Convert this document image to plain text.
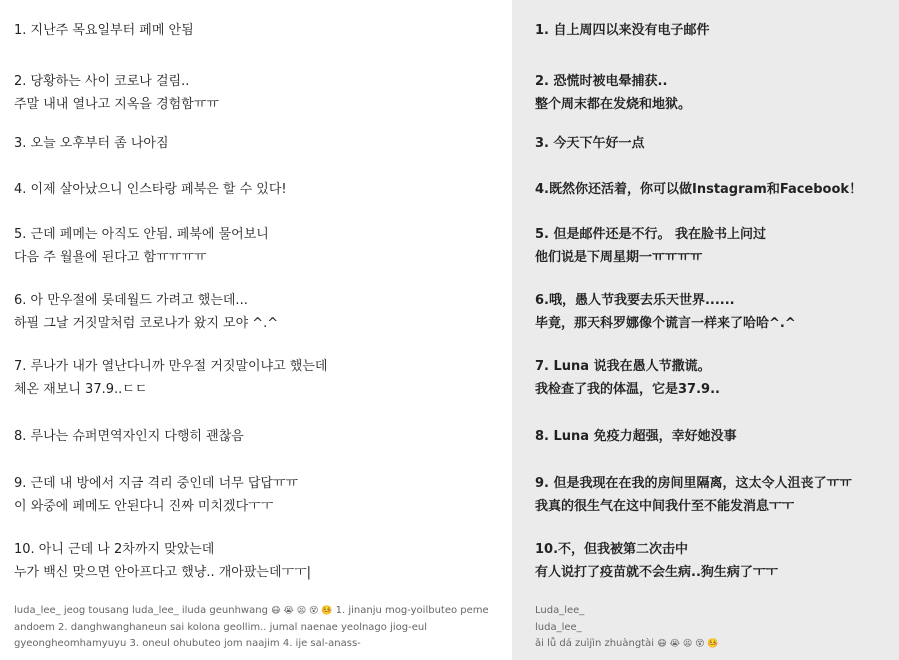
1. 지난주 목요일부터 페메 안됨
2. 당황하는 사이 코로나 걸림..
주말 내내 열나고 지옥을 경험함ㅠㅠ
3. 오늘 오후부터 좀 나아짐
4. 이제 살아났으니 인스타랑 페북은 할 수 있다!
5. 근데 페메는 아직도 안됨. 페북에 물어보니
다음 주 월욜에 된다고 함ㅠㅠㅠㅠ
6. 아 만우절에 롯데월드 가려고 했는데...
하필 그날 거짓말처럼 코로나가 왔지 모야 ^.^
7. 루나가 내가 열난다니까 만우절 거짓말이냐고 했는데
체온 재보니 37.9..ㄷㄷ
8. 루나는 슈퍼면역자인지 다행히 괜찮음
9. 근데 내 방에서 지금 격리 중인데 너무 답답ㅠㅠ
이 와중에 페메도 안된다니 진짜 미치겠다ㅜㅜ
10. 아니 근데 나 2차까지 맞았는데
누가 백신 맞으면 안아프다고 했냥.. 개아팠는데ㅜㅜ|
luda_lee_ jeog tousang luda_lee_ iluda geunhwang 😷 😭 😫 😵 🤒 1. jinanju mog-yoilbuteo peme andoem 2. danghwanghaneun sai kolona geollim.. jumal naenae yeolnago jiog-eul gyeongheomhamyuyu 3. oneul ohubuteo jom naajim 4. ije sal-anass-
1. 自上周四以来没有电子邮件
2. 恐慌时被电晕捕获..
整个周末都在发烧和地狱。
3. 今天下午好一点
4.既然你还活着，你可以做Instagram和Facebook！
5. 但是邮件还是不行。 我在脸书上问过
他们说是下周星期一ㅠㅠㅠㅠ
6.哦，愚人节我要去乐天世界......
毕竟，那天科罗娜像个谎言一样来了哈哈^.^
7. Luna 说我在愚人节撒谎。
我检查了我的体温，它是37.9..
8. Luna 免疫力超强，幸好她没事
9. 但是我现在在我的房间里隔离，这太令人沮丧了ㅠㅠ
我真的很生气在这中间我什至不能发消息ㅜㅜ
10.不，但我被第二次击中
有人说打了疫苗就不会生病..狗生病了ㅜㅜ
Luda_lee_
luda_lee_
ǎi lǚ dá zuìjìn zhuàngtài 😷 😭 😫 😵 🤒
